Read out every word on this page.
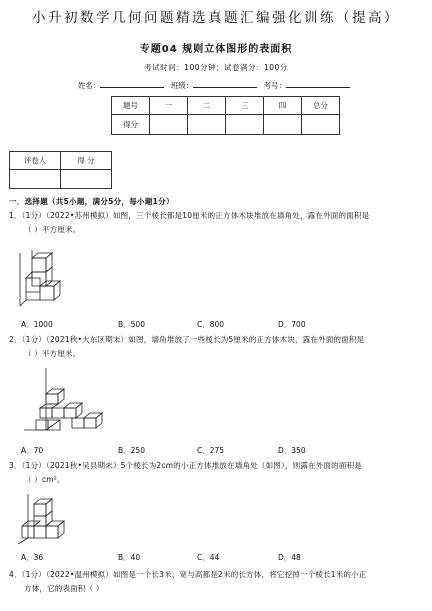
小升初数学几何问题精选真题汇编强化训练（提高）
专题04 规则立体图形的表面积
考试时间：100分钟；试卷满分：100分
姓名：	班级：	考号：
题号	一	二	三	四	总分
得分					
评卷人	得 分

一．选择题（共5小题，满分5分，每小题1分）
1．（1分）（2022•苏州模拟）如图，三个棱长都是10厘米的正方体木块堆放在墙角处，露在外面的面积是
（ ）平方厘米。
A．1000	B．500	C．800	D．700
2．（1分）（2021秋•大东区期末）如图，墙角堆放了一些棱长为5厘米的正方体木块，露在外面的面积是
（ ）平方厘米。
A．70	B．250	C．275	D．350
3．（1分）（2021秋•吴县期末）5个棱长为2cm的小正方体堆放在墙角处（如图），则露在外面的面积是
（ ）cm²。
A．36	B．40	C．44	D．48
4．（1分）（2022•温州模拟）如图是一个长3米、宽与高都是2米的长方体，将它挖掉一个棱长1米的小正
方体，它的表面积（ ）
